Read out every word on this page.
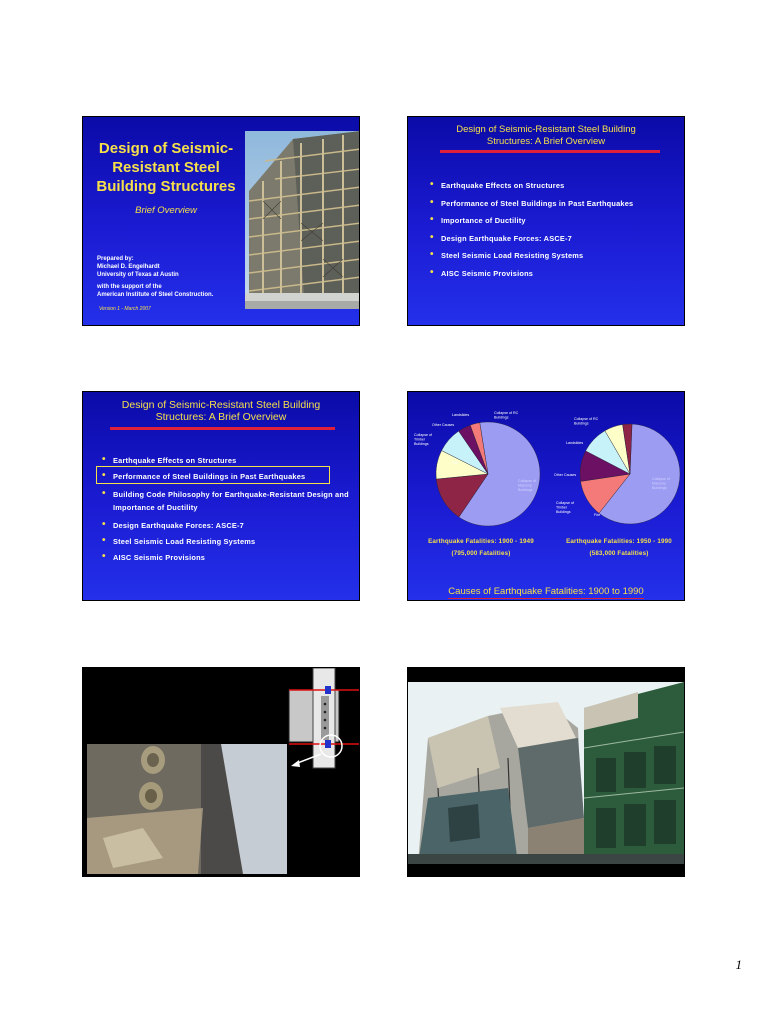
Design of Seismic-Resistant Steel Building Structures
Brief Overview
Prepared by:
Michael D. Engelhardt
University of Texas at Austin
with the support of the
American Institute of Steel Construction.
Version 1 - March 2007
Design of Seismic-Resistant Steel Building Structures: A Brief Overview
• Earthquake Effects on Structures
• Performance of Steel Buildings in Past Earthquakes
• Importance of Ductility
• Design Earthquake Forces: ASCE-7
• Steel Seismic Load Resisting Systems
• AISC Seismic Provisions
Design of Seismic-Resistant Steel Building Structures: A Brief Overview
• Earthquake Effects on Structures
• Performance of Steel Buildings in Past Earthquakes
• Building Code Philosophy for Earthquake-Resistant Design and Importance of Ductility
• Design Earthquake Forces: ASCE-7
• Steel Seismic Load Resisting Systems
• AISC Seismic Provisions
Collapse of Masonry Buildings
Fire
Collapse of Timber Buildings
Other Causes
Landslides	Collapse of RC Buildings
Collapse of Masonry Buildings
Collapse of RC Buildings
Landslides
Other Causes
Collapse of Timber Buildings
Fire
Earthquake Fatalities: 1900 - 1949
(795,000 Fatalities)
Earthquake Fatalities: 1950 - 1990
(583,000 Fatalities)
Causes of Earthquake Fatalities: 1900 to 1990
1
